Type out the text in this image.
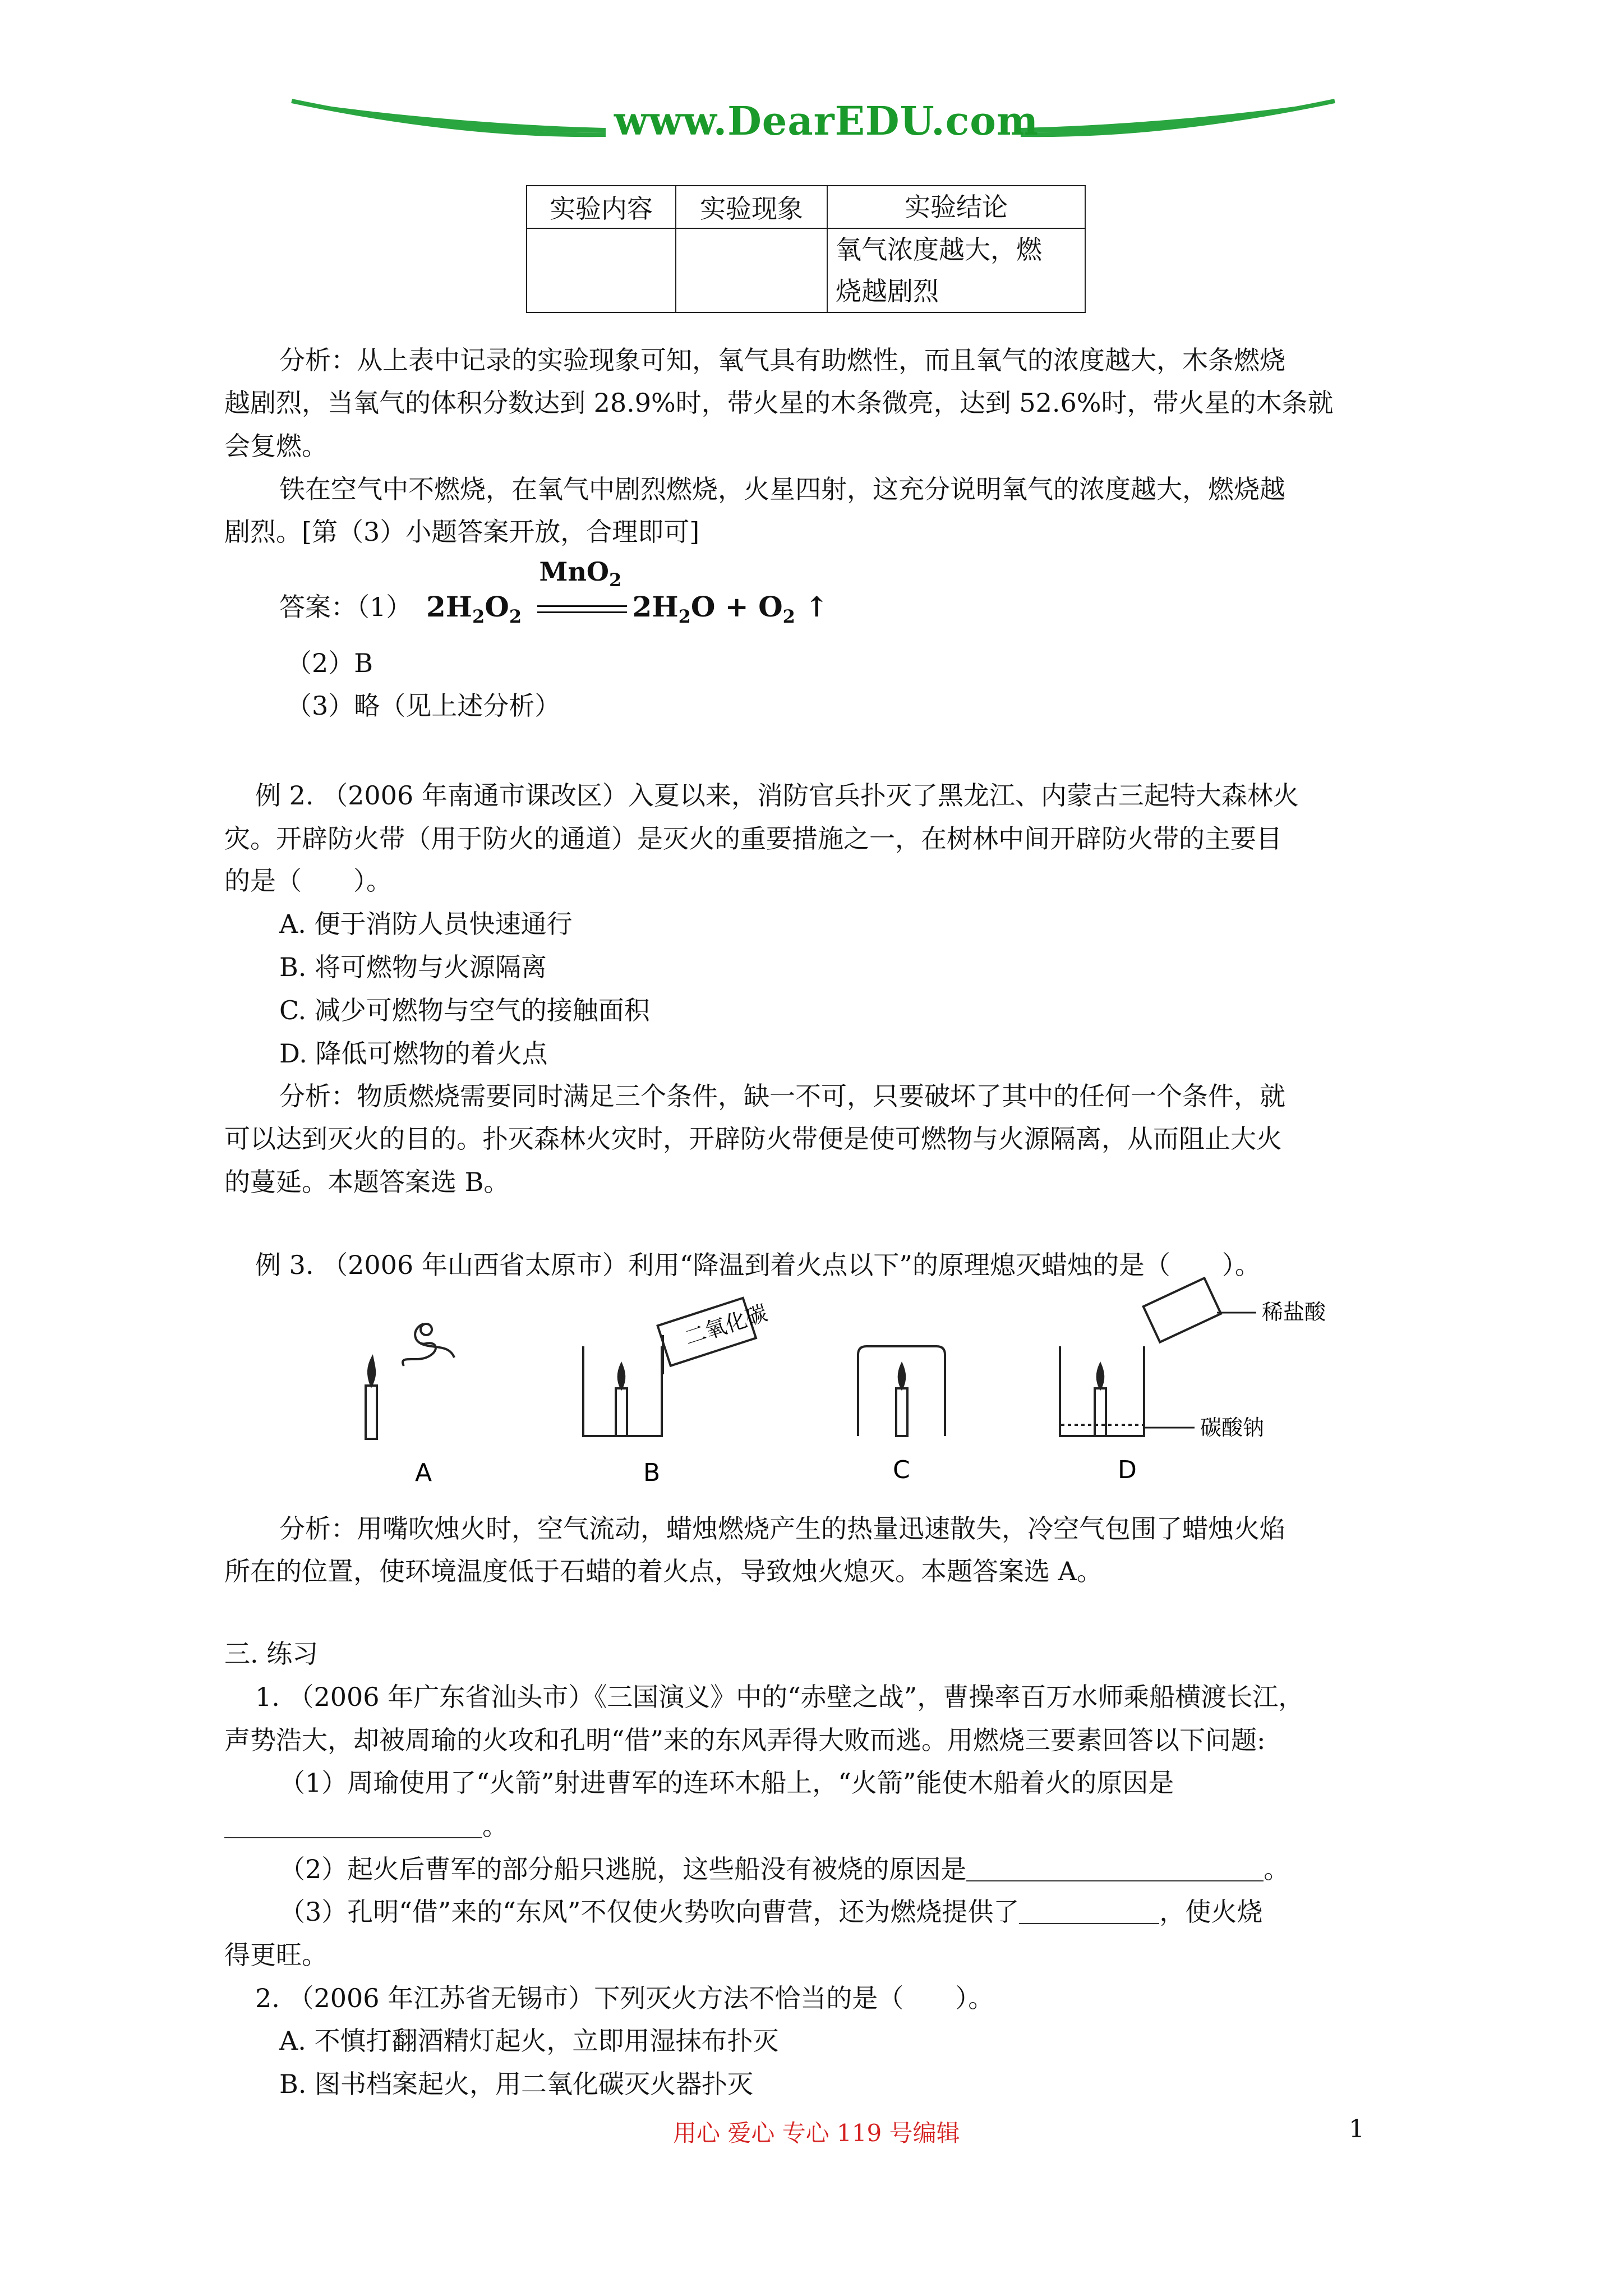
www.DearEDU.com
实验内容	实验现象	实验结论

		氧气浓度越大，燃
烧越剧烈
分析：从上表中记录的实验现象可知，氧气具有助燃性，而且氧气的浓度越大，木条燃烧
越剧烈，当氧气的体积分数达到 28.9%时，带火星的木条微亮，达到 52.6%时，带火星的木条就
会复燃。
铁在空气中不燃烧，在氧气中剧烈燃烧，火星四射，这充分说明氧气的浓度越大，燃烧越
剧烈。[第（3）小题答案开放，合理即可]
答案：（1） $2H_2O_2$
MnO$_2$
$2H_2O + O_2$ ↑
（2）B
（3）略（见上述分析）
例 2. （2006 年南通市课改区）入夏以来，消防官兵扑灭了黑龙江、内蒙古三起特大森林火
灾。开辟防火带（用于防火的通道）是灭火的重要措施之一，在树林中间开辟防火带的主要目
的是（　　）。
A. 便于消防人员快速通行
B. 将可燃物与火源隔离
C. 减少可燃物与空气的接触面积
D. 降低可燃物的着火点
分析：物质燃烧需要同时满足三个条件，缺一不可，只要破坏了其中的任何一个条件，就
可以达到灭火的目的。扑灭森林火灾时，开辟防火带便是使可燃物与火源隔离，从而阻止大火
的蔓延。本题答案选 B。
例 3. （2006 年山西省太原市）利用“降温到着火点以下”的原理熄灭蜡烛的是（　　）。
二氧化碳	稀盐酸
碳酸钠
A	B	C	D
分析：用嘴吹烛火时，空气流动，蜡烛燃烧产生的热量迅速散失，冷空气包围了蜡烛火焰
所在的位置，使环境温度低于石蜡的着火点，导致烛火熄灭。本题答案选 A。
三. 练习
1. （2006 年广东省汕头市）《三国演义》中的“赤壁之战”，曹操率百万水师乘船横渡长江，
声势浩大，却被周瑜的火攻和孔明“借”来的东风弄得大败而逃。用燃烧三要素回答以下问题:
（1）周瑜使用了“火箭”射进曹军的连环木船上，“火箭”能使木船着火的原因是
。
（2）起火后曹军的部分船只逃脱，这些船没有被烧的原因是	。
（3）孔明“借”来的“东风”不仅使火势吹向曹营，还为燃烧提供了	，使火烧
得更旺。
2. （2006 年江苏省无锡市）下列灭火方法不恰当的是（　　）。
A. 不慎打翻酒精灯起火，立即用湿抹布扑灭
B. 图书档案起火，用二氧化碳灭火器扑灭
用心 爱心 专心 119 号编辑	1
